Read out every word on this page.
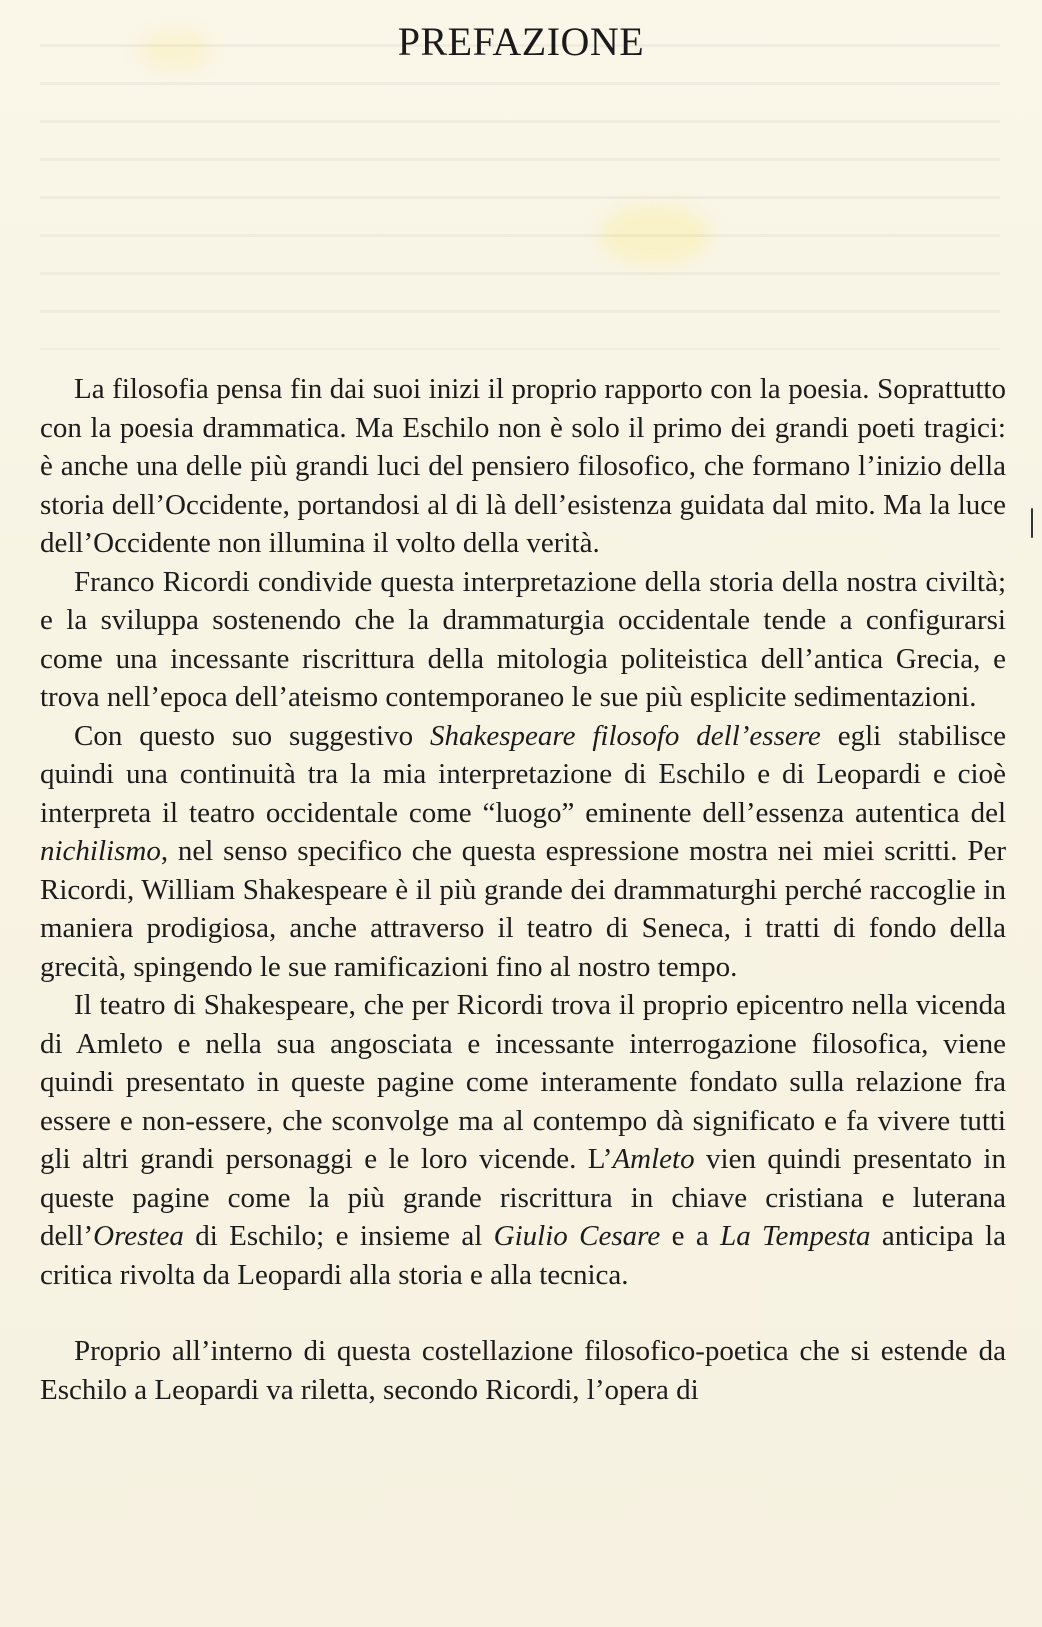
PREFAZIONE

La filosofia pensa fin dai suoi inizi il proprio rapporto con la poesia. Soprattutto con la poesia drammatica. Ma Eschilo non è solo il primo dei grandi poeti tragici: è anche una delle più grandi luci del pensiero filosofico, che formano l’inizio della storia dell’Occidente, portandosi al di là dell’esistenza guidata dal mito. Ma la luce dell’Occidente non illumina il volto della verità.

Franco Ricordi condivide questa interpretazione della storia della nostra civiltà; e la sviluppa sostenendo che la drammaturgia occidentale tende a configurarsi come una incessante riscrittura della mitologia politeistica dell’antica Grecia, e trova nell’epoca dell’ateismo contemporaneo le sue più esplicite sedimentazioni.

Con questo suo suggestivo Shakespeare filosofo dell’essere egli stabilisce quindi una continuità tra la mia interpretazione di Eschilo e di Leopardi e cioè interpreta il teatro occidentale come “luogo” eminente dell’essenza autentica del nichilismo, nel senso specifico che questa espressione mostra nei miei scritti. Per Ricordi, William Shakespeare è il più grande dei drammaturghi perché raccoglie in maniera prodigiosa, anche attraverso il teatro di Seneca, i tratti di fondo della grecità, spingendo le sue ramificazioni fino al nostro tempo.

Il teatro di Shakespeare, che per Ricordi trova il proprio epicentro nella vicenda di Amleto e nella sua angosciata e incessante interrogazione filosofica, viene quindi presentato in queste pagine come interamente fondato sulla relazione fra essere e non-essere, che sconvolge ma al contempo dà significato e fa vivere tutti gli altri grandi personaggi e le loro vicende. L’Amleto vien quindi presentato in queste pagine come la più grande riscrittura in chiave cristiana e luterana dell’Orestea di Eschilo; e insieme al Giulio Cesare e a La Tempesta anticipa la critica rivolta da Leopardi alla storia e alla tecnica.

Proprio all’interno di questa costellazione filosofico-poetica che si estende da Eschilo a Leopardi va riletta, secondo Ricordi, l’opera di
